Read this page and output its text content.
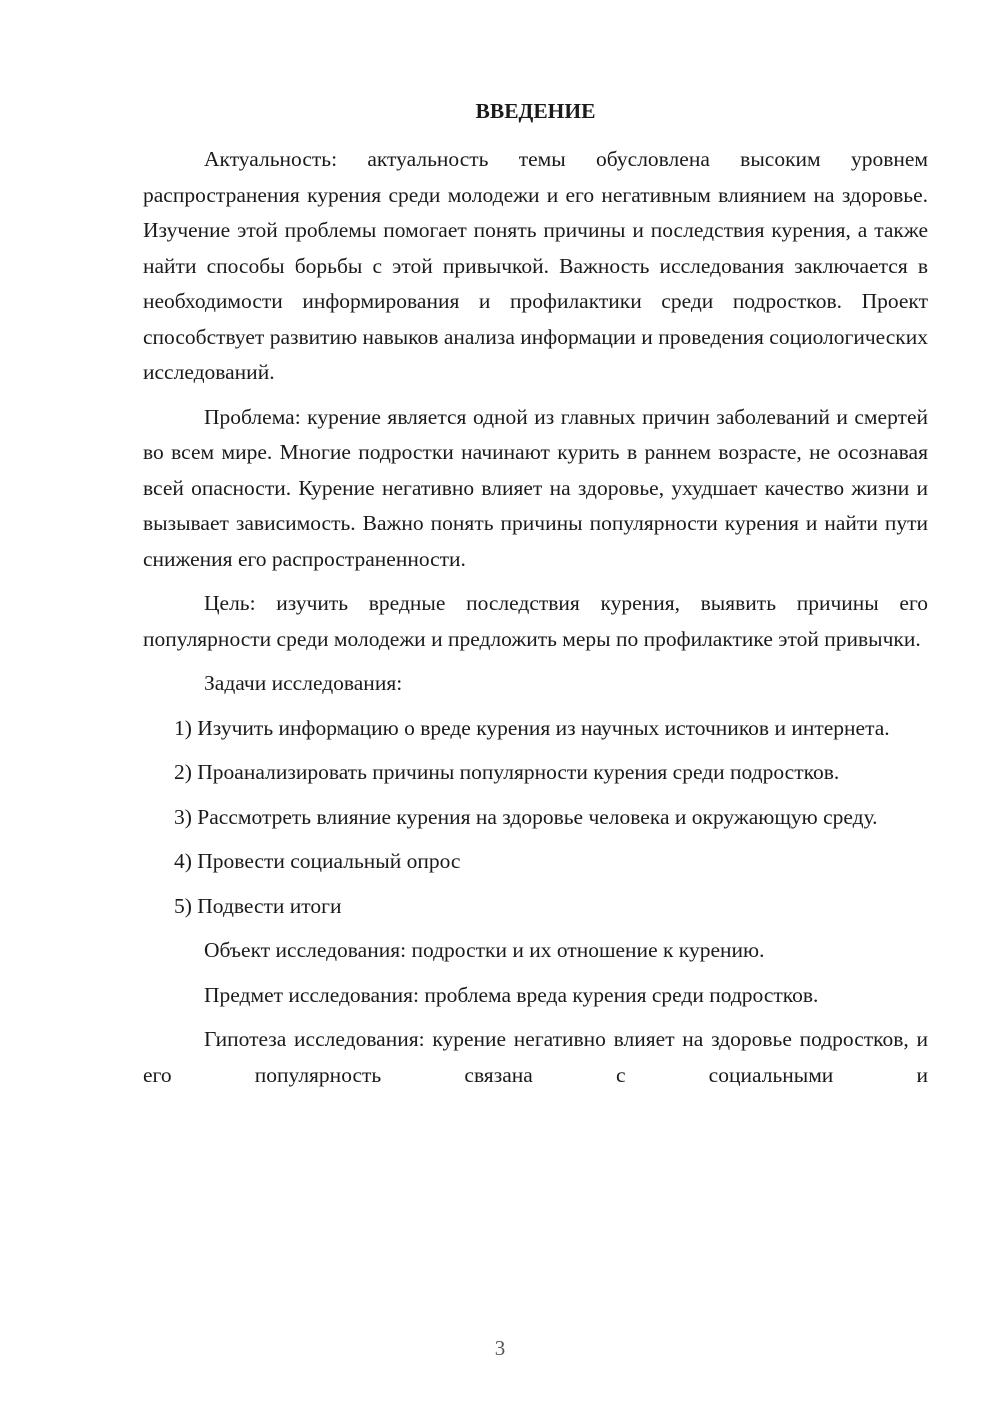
ВВЕДЕНИЕ

Актуальность: актуальность темы обусловлена высоким уровнем распространения курения среди молодежи и его негативным влиянием на здоровье. Изучение этой проблемы помогает понять причины и последствия курения, а также найти способы борьбы с этой привычкой. Важность исследования заключается в необходимости информирования и профилактики среди подростков. Проект способствует развитию навыков анализа информации и проведения социологических исследований.

Проблема: курение является одной из главных причин заболеваний и смертей во всем мире. Многие подростки начинают курить в раннем возрасте, не осознавая всей опасности. Курение негативно влияет на здоровье, ухудшает качество жизни и вызывает зависимость. Важно понять причины популярности курения и найти пути снижения его распространенности.

Цель: изучить вредные последствия курения, выявить причины его популярности среди молодежи и предложить меры по профилактике этой привычки.

Задачи исследования:

1) Изучить информацию о вреде курения из научных источников и интернета.

2) Проанализировать причины популярности курения среди подростков.

3) Рассмотреть влияние курения на здоровье человека и окружающую среду.

4) Провести социальный опрос

5) Подвести итоги

Объект исследования: подростки и их отношение к курению.

Предмет исследования: проблема вреда курения среди подростков.

Гипотеза исследования: курение негативно влияет на здоровье подростков, и его популярность связана с социальными и

3
